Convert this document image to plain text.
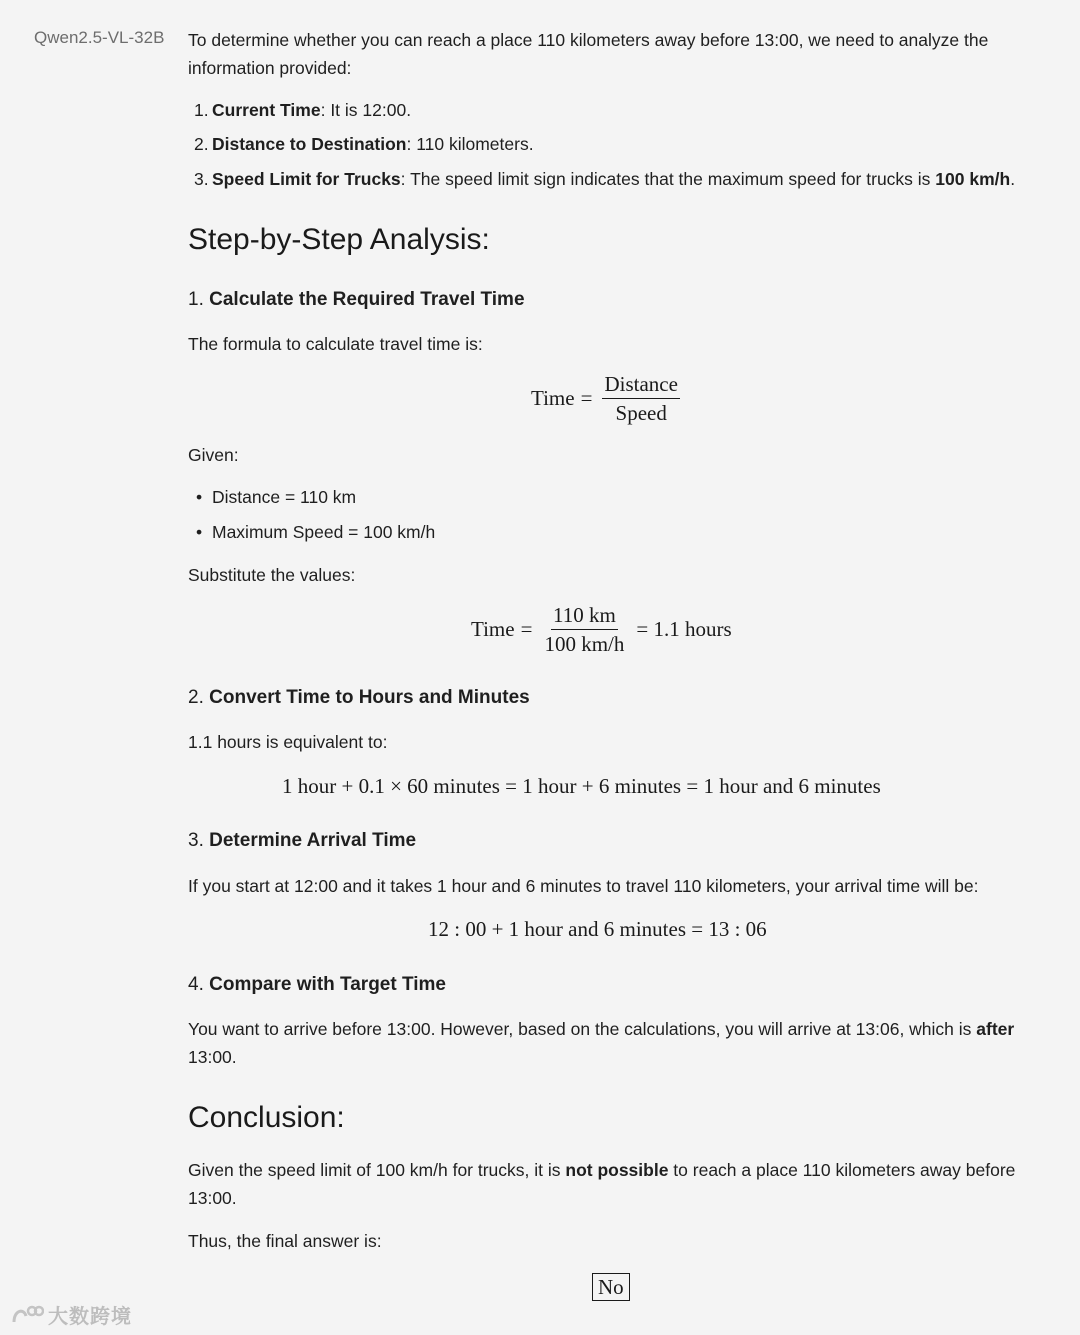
Qwen2.5-VL-32B To determine whether you can reach a place 110 kilometers away before 13:00, we need to analyze the information provided:
1. Current Time: It is 12:00.
2. Distance to Destination: 110 kilometers.
3. Speed Limit for Trucks: The speed limit sign indicates that the maximum speed for trucks is 100 km/h.
Step-by-Step Analysis:
1. Calculate the Required Travel Time
The formula to calculate travel time is:
Time = $\frac{\text{Distance}}{\text{Speed}}$
Given:
• Distance = 110 km
• Maximum Speed = 100 km/h
Substitute the values:
Time = $\frac{110 km}{100 km/h} = 1.1$ hours
2. Convert Time to Hours and Minutes
1.1 hours is equivalent to:
1 hour + 0.1 × 60 minutes = 1 hour + 6 minutes = 1 hour and 6 minutes
3. Determine Arrival Time
If you start at 12:00 and it takes 1 hour and 6 minutes to travel 110 kilometers, your arrival time will be:
12 : 00 + 1 hour and 6 minutes = 13 : 06
4. Compare with Target Time
You want to arrive before 13:00. However, based on the calculations, you will arrive at 13:06, which is after 13:00.
Conclusion:
Given the speed limit of 100 km/h for trucks, it is not possible to reach a place 110 kilometers away before 13:00.
Thus, the final answer is:
No
大数跨境
